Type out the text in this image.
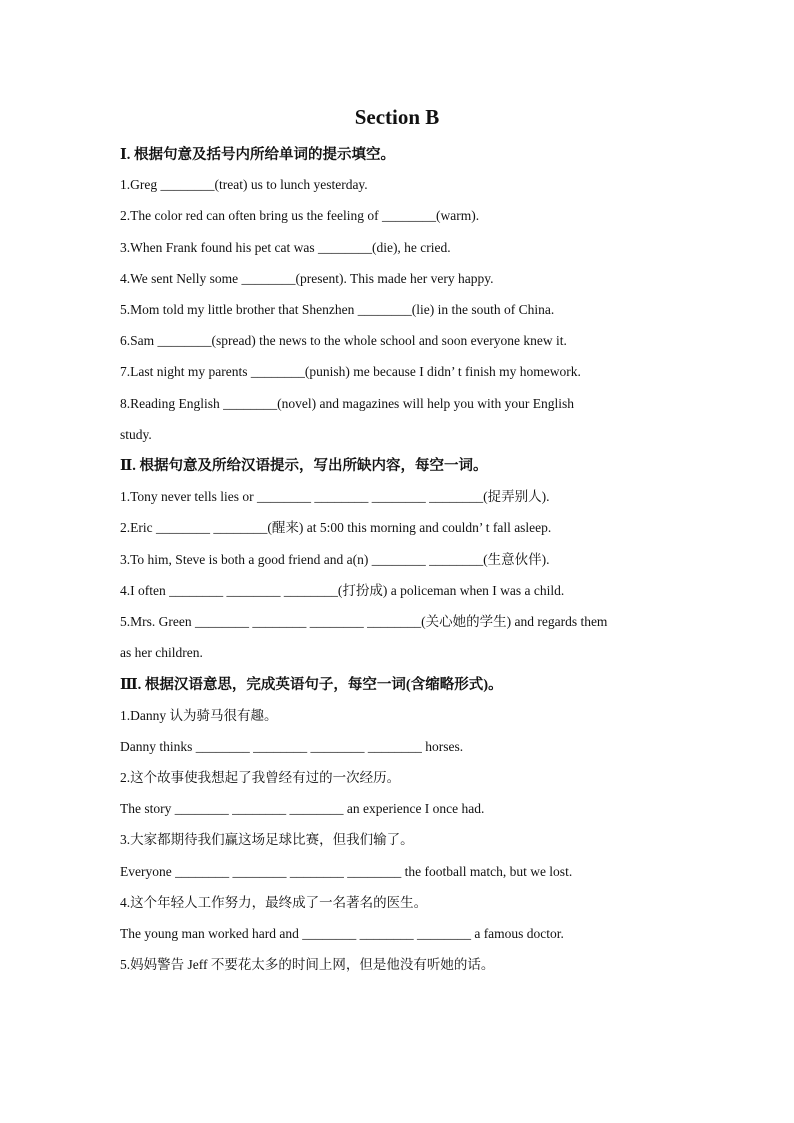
Section B
Ⅰ. 根据句意及括号内所给单词的提示填空。
1.Greg ________(treat) us to lunch yesterday.
2.The color red can often bring us the feeling of ________(warm).
3.When Frank found his pet cat was ________(die), he cried.
4.We sent Nelly some ________(present). This made her very happy.
5.Mom told my little brother that Shenzhen ________(lie) in the south of China.
6.Sam ________(spread) the news to the whole school and soon everyone knew it.
7.Last night my parents ________(punish) me because I didn’ t finish my homework.
8.Reading English ________(novel) and magazines will help you with your English
study.
Ⅱ. 根据句意及所给汉语提示，写出所缺内容，每空一词。
1.Tony never tells lies or ________ ________ ________ ________(捉弄别人).
2.Eric ________ ________(醒来) at 5:00 this morning and couldn’ t fall asleep.
3.To him, Steve is both a good friend and a(n) ________ ________(生意伙伴).
4.I often ________ ________ ________(打扮成) a policeman when I was a child.
5.Mrs. Green ________ ________ ________ ________(关心她的学生) and regards them
as her children.
Ⅲ. 根据汉语意思，完成英语句子，每空一词(含缩略形式)。
1.Danny 认为骑马很有趣。
Danny thinks ________ ________ ________ ________ horses.
2.这个故事使我想起了我曾经有过的一次经历。
The story ________ ________ ________ an experience I once had.
3.大家都期待我们赢这场足球比赛，但我们输了。
Everyone ________ ________ ________ ________ the football match, but we lost.
4.这个年轻人工作努力，最终成了一名著名的医生。
The young man worked hard and ________ ________ ________ a famous doctor.
5.妈妈警告 Jeff 不要花太多的时间上网，但是他没有听她的话。
